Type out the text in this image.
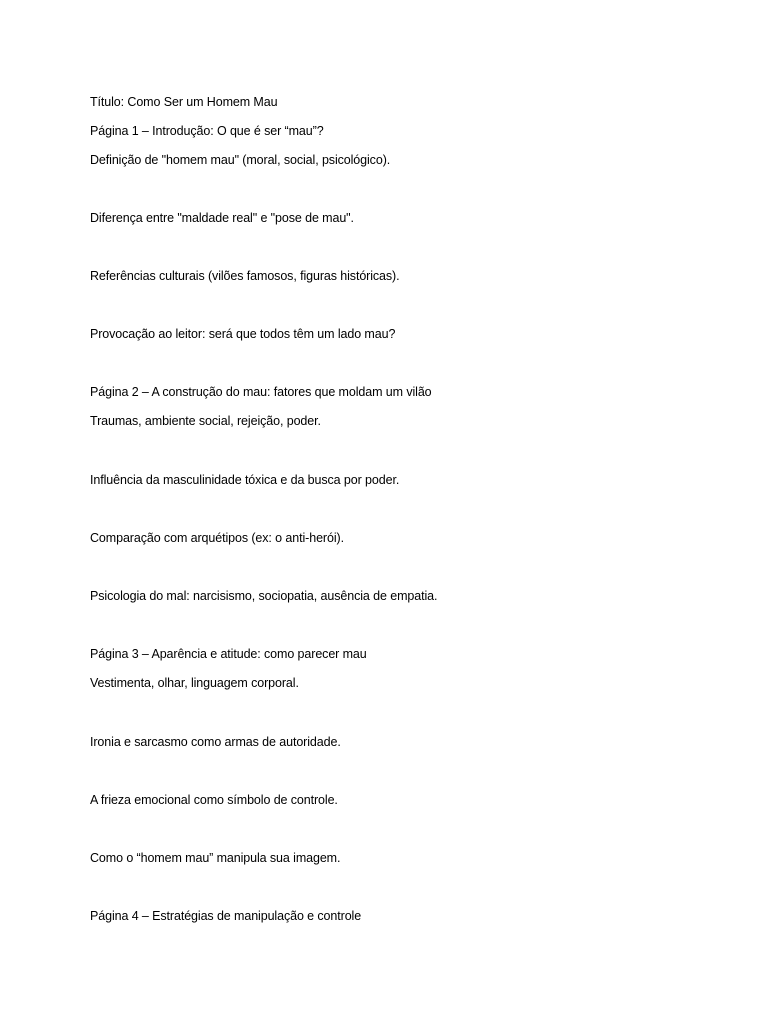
Título: Como Ser um Homem Mau
Página 1 – Introdução: O que é ser “mau”?
Definição de "homem mau" (moral, social, psicológico).
Diferença entre "maldade real" e "pose de mau".
Referências culturais (vilões famosos, figuras históricas).
Provocação ao leitor: será que todos têm um lado mau?
Página 2 – A construção do mau: fatores que moldam um vilão
Traumas, ambiente social, rejeição, poder.
Influência da masculinidade tóxica e da busca por poder.
Comparação com arquétipos (ex: o anti-herói).
Psicologia do mal: narcisismo, sociopatia, ausência de empatia.
Página 3 – Aparência e atitude: como parecer mau
Vestimenta, olhar, linguagem corporal.
Ironia e sarcasmo como armas de autoridade.
A frieza emocional como símbolo de controle.
Como o “homem mau” manipula sua imagem.
Página 4 – Estratégias de manipulação e controle
